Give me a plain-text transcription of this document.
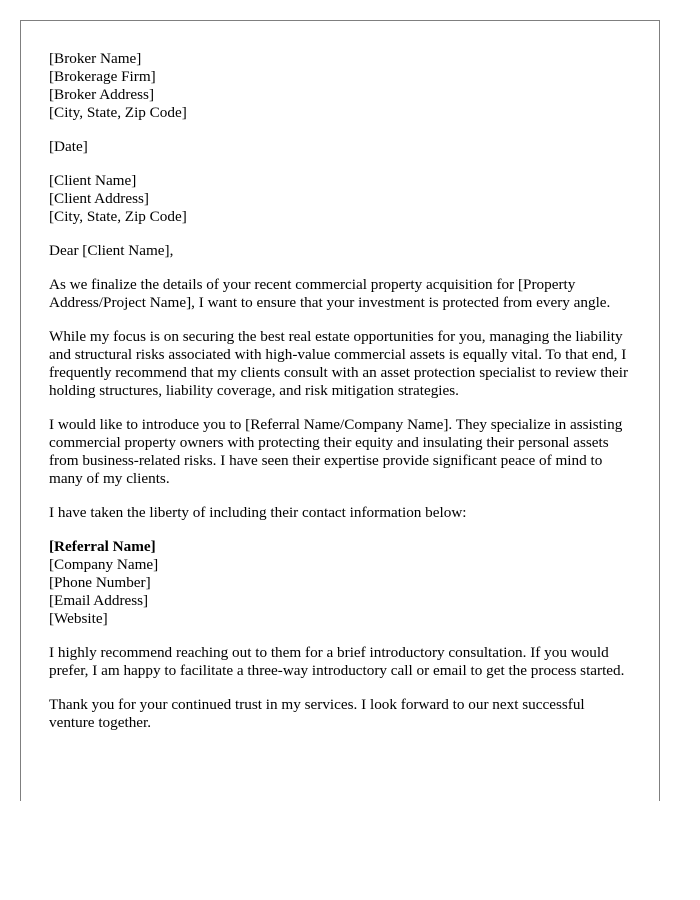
[Broker Name]
[Brokerage Firm]
[Broker Address]
[City, State, Zip Code]
[Date]
[Client Name]
[Client Address]
[City, State, Zip Code]

Dear [Client Name],

As we finalize the details of your recent commercial property acquisition for [Property Address/Project Name], I want to ensure that your investment is protected from every angle.

While my focus is on securing the best real estate opportunities for you, managing the liability and structural risks associated with high-value commercial assets is equally vital. To that end, I frequently recommend that my clients consult with an asset protection specialist to review their holding structures, liability coverage, and risk mitigation strategies.

I would like to introduce you to [Referral Name/Company Name]. They specialize in assisting commercial property owners with protecting their equity and insulating their personal assets from business-related risks. I have seen their expertise provide significant peace of mind to many of my clients.

I have taken the liberty of including their contact information below:

[Referral Name]
[Company Name]
[Phone Number]
[Email Address]
[Website]

I highly recommend reaching out to them for a brief introductory consultation. If you would prefer, I am happy to facilitate a three-way introductory call or email to get the process started.

Thank you for your continued trust in my services. I look forward to our next successful venture together.
